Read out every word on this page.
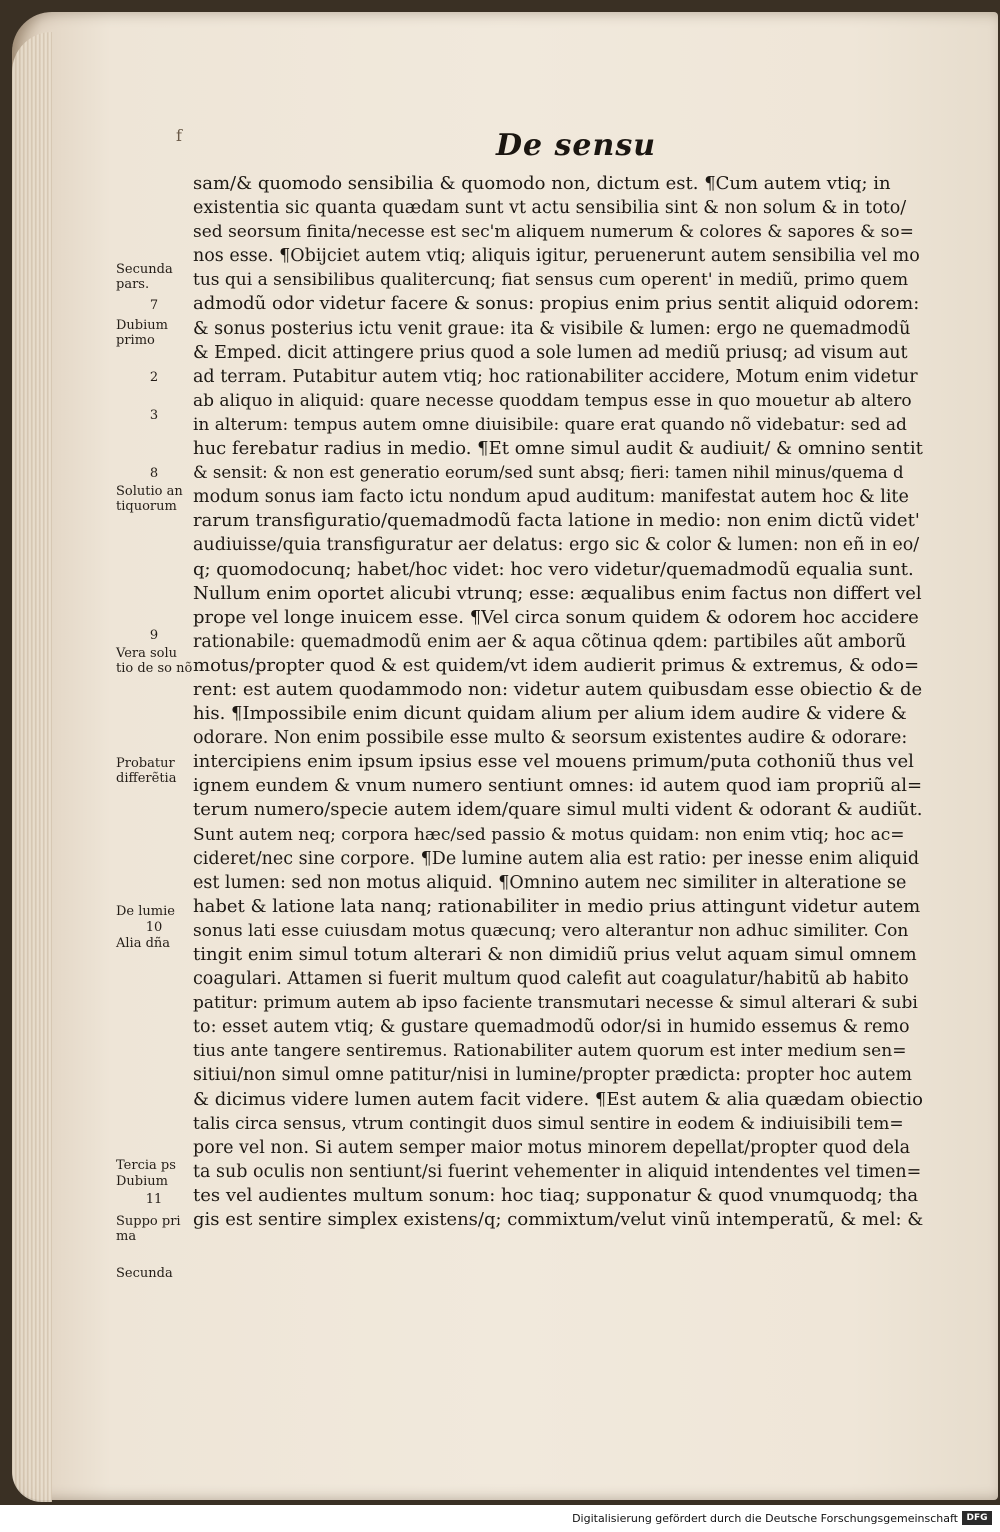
f	De sensu
sam/& quomodo sensibilia & quomodo non, dictum est. ¶Cum autem vtiq; in
existentia sic quanta quædam sunt vt actu sensibilia sint & non solum & in toto/
sed seorsum finita/necesse est sec'm aliquem numerum & colores & sapores & so=
nos esse. ¶Obijciet autem vtiq; aliquis igitur, peruenerunt autem sensibilia vel mo
tus qui a sensibilibus qualitercunq; fiat sensus cum operent' in mediũ, primo quem
admodũ odor videtur facere & sonus: propius enim prius sentit aliquid odorem:
& sonus posterius ictu venit graue: ita & visibile & lumen: ergo ne quemadmodũ
& Emped. dicit attingere prius quod a sole lumen ad mediũ priusq; ad visum aut
ad terram. Putabitur autem vtiq; hoc rationabiliter accidere, Motum enim videtur
ab aliquo in aliquid: quare necesse quoddam tempus esse in quo mouetur ab altero
in alterum: tempus autem omne diuisibile: quare erat quando nõ videbatur: sed ad
huc ferebatur radius in medio. ¶Et omne simul audit & audiuit/ & omnino sentit
& sensit: & non est generatio eorum/sed sunt absq; fieri: tamen nihil minus/quema d
modum sonus iam facto ictu nondum apud auditum: manifestat autem hoc & lite
rarum transfiguratio/quemadmodũ facta latione in medio: non enim dictũ videt'
audiuisse/quia transfiguratur aer delatus: ergo sic & color & lumen: non eñ in eo/
q; quomodocunq; habet/hoc videt: hoc vero videtur/quemadmodũ equalia sunt.
Nullum enim oportet alicubi vtrunq; esse: æqualibus enim factus non differt vel
prope vel longe inuicem esse. ¶Vel circa sonum quidem & odorem hoc accidere
rationabile: quemadmodũ enim aer & aqua cõtinua qdem: partibiles aũt amborũ
motus/propter quod & est quidem/vt idem audierit primus & extremus, & odo=
rent: est autem quodammodo non: videtur autem quibusdam esse obiectio & de
his. ¶Impossibile enim dicunt quidam alium per alium idem audire & videre &
odorare. Non enim possibile esse multo & seorsum existentes audire & odorare:
intercipiens enim ipsum ipsius esse vel mouens primum/puta cothoniũ thus vel
ignem eundem & vnum numero sentiunt omnes: id autem quod iam propriũ al=
terum numero/specie autem idem/quare simul multi vident & odorant & audiũt.
Sunt autem neq; corpora hæc/sed passio & motus quidam: non enim vtiq; hoc ac=
cideret/nec sine corpore. ¶De lumine autem alia est ratio: per inesse enim aliquid
est lumen: sed non motus aliquid. ¶Omnino autem nec similiter in alteratione se
habet & latione lata nanq; rationabiliter in medio prius attingunt videtur autem
sonus lati esse cuiusdam motus quæcunq; vero alterantur non adhuc similiter. Con
tingit enim simul totum alterari & non dimidiũ prius velut aquam simul omnem
coagulari. Attamen si fuerit multum quod calefit aut coagulatur/habitũ ab habito
patitur: primum autem ab ipso faciente transmutari necesse & simul alterari & subi
to: esset autem vtiq; & gustare quemadmodũ odor/si in humido essemus & remo
tius ante tangere sentiremus. Rationabiliter autem quorum est inter medium sen=
sitiui/non simul omne patitur/nisi in lumine/propter prædicta: propter hoc autem
& dicimus videre lumen autem facit videre. ¶Est autem & alia quædam obiectio
talis circa sensus, vtrum contingit duos simul sentire in eodem & indiuisibili tem=
pore vel non. Si autem semper maior motus minorem depellat/propter quod dela
ta sub oculis non sentiunt/si fuerint vehementer in aliquid intendentes vel timen=
tes vel audientes multum sonum: hoc tiaq; supponatur & quod vnumquodq; tha
gis est sentire simplex existens/q; commixtum/velut vinũ intemperatũ, & mel: &
Secunda pars.
7
Dubium primo
2
3
8
Solutio an tiquorum
9
Vera solu tio de so nõ
Probatur differẽtia
De lumie
10
Alia dña
Tercia ps
Dubium
11
Suppo pri ma
Secunda
Digitalisierung gefördert durch die Deutsche Forschungsgemeinschaft DFG
